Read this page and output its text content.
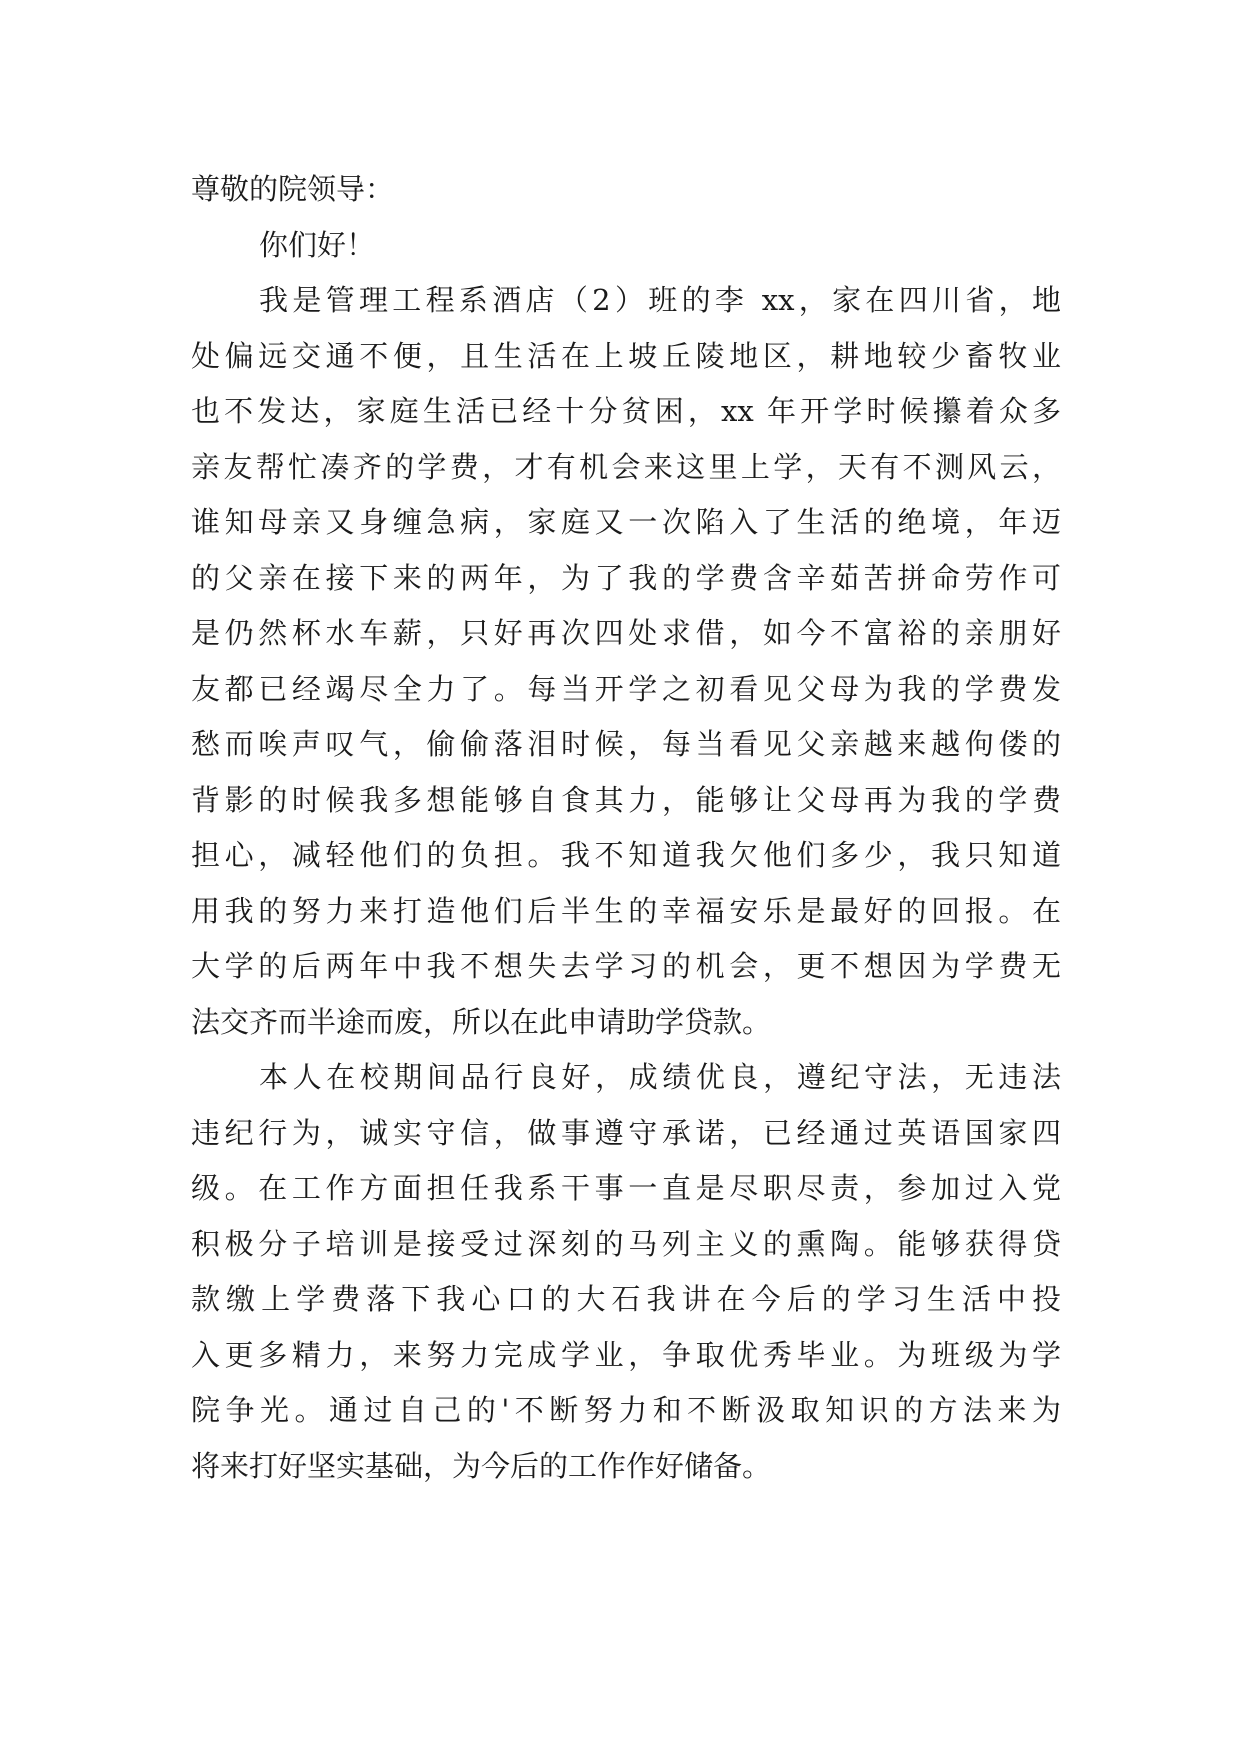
尊敬的院领导：
你们好！
我是管理工程系酒店（2）班的李 xx，家在四川省，地
处偏远交通不便，且生活在上坡丘陵地区，耕地较少畜牧业
也不发达，家庭生活已经十分贫困，xx 年开学时候攥着众多
亲友帮忙凑齐的学费，才有机会来这里上学，天有不测风云，
谁知母亲又身缠急病，家庭又一次陷入了生活的绝境，年迈
的父亲在接下来的两年，为了我的学费含辛茹苦拼命劳作可
是仍然杯水车薪，只好再次四处求借，如今不富裕的亲朋好
友都已经竭尽全力了。每当开学之初看见父母为我的学费发
愁而唉声叹气，偷偷落泪时候，每当看见父亲越来越佝偻的
背影的时候我多想能够自食其力，能够让父母再为我的学费
担心，减轻他们的负担。我不知道我欠他们多少，我只知道
用我的努力来打造他们后半生的幸福安乐是最好的回报。在
大学的后两年中我不想失去学习的机会，更不想因为学费无
法交齐而半途而废，所以在此申请助学贷款。
本人在校期间品行良好，成绩优良，遵纪守法，无违法
违纪行为，诚实守信，做事遵守承诺，已经通过英语国家四
级。在工作方面担任我系干事一直是尽职尽责，参加过入党
积极分子培训是接受过深刻的马列主义的熏陶。能够获得贷
款缴上学费落下我心口的大石我讲在今后的学习生活中投
入更多精力，来努力完成学业，争取优秀毕业。为班级为学
院争光。通过自己的'不断努力和不断汲取知识的方法来为
将来打好坚实基础，为今后的工作作好储备。
